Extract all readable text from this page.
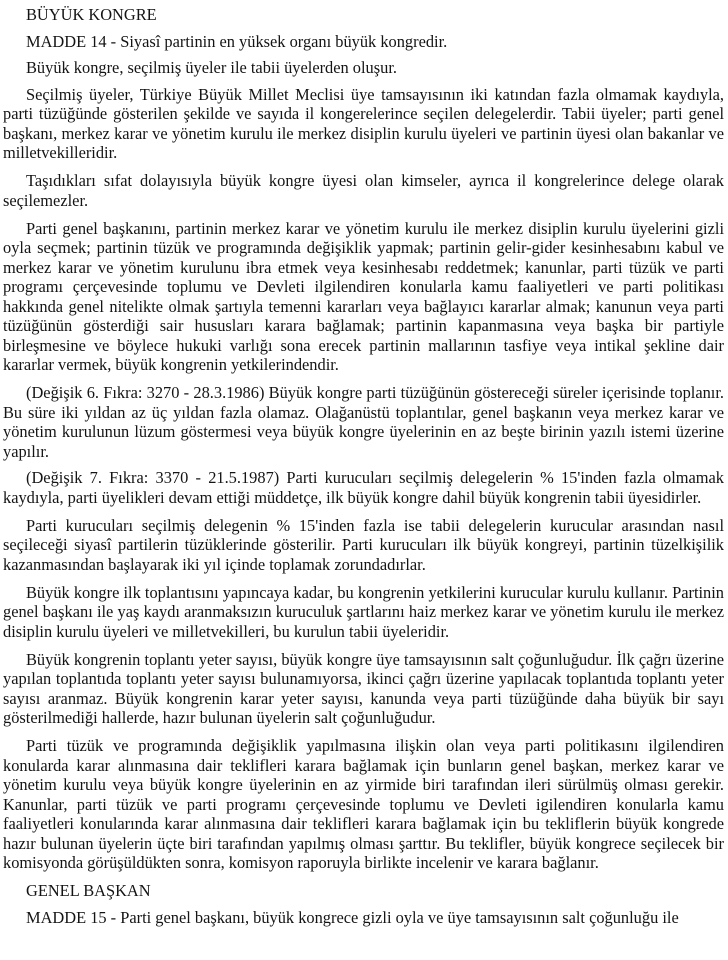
BÜYÜK KONGRE

MADDE 14 - Siyasî partinin en yüksek organı büyük kongredir.

Büyük kongre, seçilmiş üyeler ile tabii üyelerden oluşur.

Seçilmiş üyeler, Türkiye Büyük Millet Meclisi üye tamsayısının iki katından fazla olmamak kaydıyla, parti tüzüğünde gösterilen şekilde ve sayıda il kongerelerince seçilen delegelerdir. Tabii üyeler; parti genel başkanı, merkez karar ve yönetim kurulu ile merkez disiplin kurulu üyeleri ve partinin üyesi olan bakanlar ve milletvekilleridir.

Taşıdıkları sıfat dolayısıyla büyük kongre üyesi olan kimseler, ayrıca il kongrelerince delege olarak seçilemezler.

Parti genel başkanını, partinin merkez karar ve yönetim kurulu ile merkez disiplin kurulu üyelerini gizli oyla seçmek; partinin tüzük ve programında değişiklik yapmak; partinin gelir-gider kesinhesabını kabul ve merkez karar ve yönetim kurulunu ibra etmek veya kesinhesabı reddetmek; kanunlar, parti tüzük ve parti programı çerçevesinde toplumu ve Devleti ilgilendiren konularla kamu faaliyetleri ve parti politikası hakkında genel nitelikte olmak şartıyla temenni kararları veya bağlayıcı kararlar almak; kanunun veya parti tüzüğünün gösterdiği sair hususları karara bağlamak; partinin kapanmasına veya başka bir partiyle birleşmesine ve böylece hukuki varlığı sona erecek partinin mallarının tasfiye veya intikal şekline dair kararlar vermek, büyük kongrenin yetkilerindendir.

(Değişik 6. Fıkra: 3270 - 28.3.1986) Büyük kongre parti tüzüğünün göstereceği süreler içerisinde toplanır. Bu süre iki yıldan az üç yıldan fazla olamaz. Olağanüstü toplantılar, genel başkanın veya merkez karar ve yönetim kurulunun lüzum göstermesi veya büyük kongre üyelerinin en az beşte birinin yazılı istemi üzerine yapılır.

(Değişik 7. Fıkra: 3370 - 21.5.1987) Parti kurucuları seçilmiş delegelerin % 15'inden fazla olmamak kaydıyla, parti üyelikleri devam ettiği müddetçe, ilk büyük kongre dahil büyük kongrenin tabii üyesidirler.

Parti kurucuları seçilmiş delegenin % 15'inden fazla ise tabii delegelerin kurucular arasından nasıl seçileceği siyasî partilerin tüzüklerinde gösterilir. Parti kurucuları ilk büyük kongreyi, partinin tüzelkişilik kazanmasından başlayarak iki yıl içinde toplamak zorundadırlar.

Büyük kongre ilk toplantısını yapıncaya kadar, bu kongrenin yetkilerini kurucular kurulu kullanır. Partinin genel başkanı ile yaş kaydı aranmaksızın kuruculuk şartlarını haiz merkez karar ve yönetim kurulu ile merkez disiplin kurulu üyeleri ve milletvekilleri, bu kurulun tabii üyeleridir.

Büyük kongrenin toplantı yeter sayısı, büyük kongre üye tamsayısının salt çoğunluğudur. İlk çağrı üzerine yapılan toplantıda toplantı yeter sayısı bulunamıyorsa, ikinci çağrı üzerine yapılacak toplantıda toplantı yeter sayısı aranmaz. Büyük kongrenin karar yeter sayısı, kanunda veya parti tüzüğünde daha büyük bir sayı gösterilmediği hallerde, hazır bulunan üyelerin salt çoğunluğudur.

Parti tüzük ve programında değişiklik yapılmasına ilişkin olan veya parti politikasını ilgilendiren konularda karar alınmasına dair teklifleri karara bağlamak için bunların genel başkan, merkez karar ve yönetim kurulu veya büyük kongre üyelerinin en az yirmide biri tarafından ileri sürülmüş olması gerekir. Kanunlar, parti tüzük ve parti programı çerçevesinde toplumu ve Devleti igilendiren konularla kamu faaliyetleri konularında karar alınmasına dair teklifleri karara bağlamak için bu tekliflerin büyük kongrede hazır bulunan üyelerin üçte biri tarafından yapılmış olması şarttır. Bu teklifler, büyük kongrece seçilecek bir komisyonda görüşüldükten sonra, komisyon raporuyla birlikte incelenir ve karara bağlanır.

GENEL BAŞKAN

MADDE 15 - Parti genel başkanı, büyük kongrece gizli oyla ve üye tamsayısının salt çoğunluğu ile
